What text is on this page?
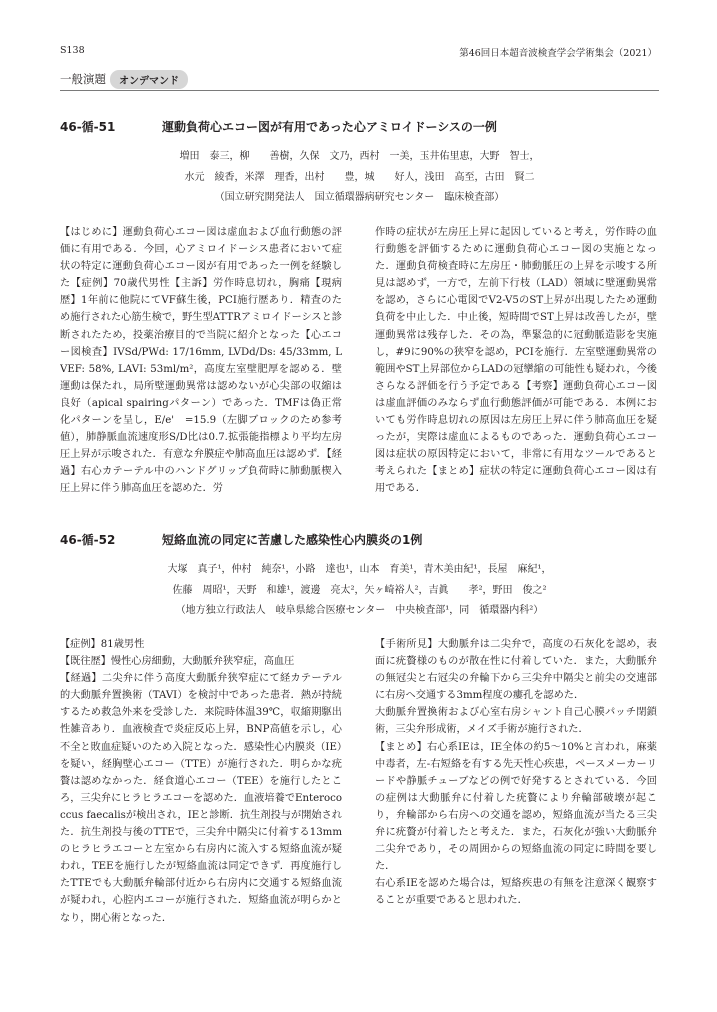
S138	第46回日本超音波検査学会学術集会（2021）
一般演題	オンデマンド
46-循-51	運動負荷心エコー図が有用であった心アミロイドーシスの一例
増田　泰三，柳　　善樹，久保　文乃，西村　一美，玉井佑里恵，大野　智士，
水元　綾香，米澤　理香，出村　　豊，城　　好人，浅田　高至，古田　賢二
（国立研究開発法人　国立循環器病研究センター　臨床検査部）

【はじめに】運動負荷心エコー図は虚血および血行動態の評価に有用である．今回，心アミロイドーシス患者において症状の特定に運動負荷心エコー図が有用であった一例を経験した【症例】70歳代男性【主訴】労作時息切れ，胸痛【現病歴】1年前に他院にてVF蘇生後，PCI施行歴あり．精査のため施行された心筋生検で，野生型ATTRアミロイドーシスと診断されたため，投薬治療目的で当院に紹介となった【心エコー図検査】IVSd/PWd: 17/16mm, LVDd/Ds: 45/33mm, LVEF: 58%, LAVI: 53ml/m²，高度左室壁肥厚を認める．壁運動は保たれ，局所壁運動異常は認めないが心尖部の収縮は良好（apical spairingパターン）であった．TMFは偽正常化パターンを呈し，E/e'　=15.9（左脚ブロックのため参考値），肺静脈血流速度形S/D比は0.7.拡張能指標より平均左房圧上昇が示唆された．有意な弁膜症や肺高血圧は認めず．【経過】右心カテーテル中のハンドグリップ負荷時に肺動脈楔入圧上昇に伴う肺高血圧を認めた．労

作時の症状が左房圧上昇に起因していると考え，労作時の血行動態を評価するために運動負荷心エコー図の実施となった．運動負荷検査時に左房圧・肺動脈圧の上昇を示唆する所見は認めず，一方で，左前下行枝（LAD）領域に壁運動異常を認め，さらに心電図でV2-V5のST上昇が出現したため運動負荷を中止した．中止後，短時間でST上昇は改善したが，壁運動異常は残存した．その為，準緊急的に冠動脈造影を実施し，#9に90%の狭窄を認め，PCIを施行．左室壁運動異常の範囲やST上昇部位からLADの冠攣縮の可能性も疑われ，今後さらなる評価を行う予定である【考察】運動負荷心エコー図は虚血評価のみならず血行動態評価が可能である．本例においても労作時息切れの原因は左房圧上昇に伴う肺高血圧を疑ったが，実際は虚血によるものであった．運動負荷心エコー図は症状の原因特定において，非常に有用なツールであると考えられた【まとめ】症状の特定に運動負荷心エコー図は有用である．

46-循-52	短絡血流の同定に苦慮した感染性心内膜炎の1例
大塚　真子¹，仲村　純奈¹，小路　達也¹，山本　育美¹，青木美由紀¹，長屋　麻紀¹，
佐藤　周昭¹，天野　和雄¹，渡邊　亮太²，矢ヶ崎裕人²，吉眞　　孝²，野田　俊之²
（地方独立行政法人　岐阜県総合医療センター　中央検査部¹，同　循環器内科²）

【症例】81歳男性

【既往歴】慢性心房細動，大動脈弁狭窄症，高血圧

【経過】二尖弁に伴う高度大動脈弁狭窄症にて経カテーテル的大動脈弁置換術（TAVI）を検討中であった患者．熱が持続するため救急外来を受診した．来院時体温39℃，収縮期駆出性雑音あり．血液検査で炎症反応上昇，BNP高値を示し，心不全と敗血症疑いのため入院となった．感染性心内膜炎（IE）を疑い，経胸壁心エコー（TTE）が施行された．明らかな疣贅は認めなかった．経食道心エコー（TEE）を施行したところ，三尖弁にヒラヒラエコーを認めた．血液培養でEnterococcus faecalisが検出され，IEと診断．抗生剤投与が開始された．抗生剤投与後のTTEで，三尖弁中隔尖に付着する13mmのヒラヒラエコーと左室から右房内に流入する短絡血流が疑われ，TEEを施行したが短絡血流は同定できず．再度施行したTTEでも大動脈弁輪部付近から右房内に交通する短絡血流が疑われ，心腔内エコーが施行された．短絡血流が明らかとなり，開心術となった．

【手術所見】大動脈弁は二尖弁で，高度の石灰化を認め，表面に疣贅様のものが散在性に付着していた．また，大動脈弁の無冠尖と右冠尖の弁輪下から三尖弁中隔尖と前尖の交連部に右房へ交通する3mm程度の瘻孔を認めた．

大動脈弁置換術および心室右房シャント自己心膜パッチ閉鎖術，三尖弁形成術，メイズ手術が施行された．

【まとめ】右心系IEは，IE全体の約5～10%と言われ，麻薬中毒者，左-右短絡を有する先天性心疾患，ペースメーカーリードや静脈チューブなどの例で好発するとされている．今回の症例は大動脈弁に付着した疣贅により弁輪部破壊が起こり，弁輪部から右房への交通を認め，短絡血流が当たる三尖弁に疣贅が付着したと考えた．また，石灰化が強い大動脈弁二尖弁であり，その周囲からの短絡血流の同定に時間を要した．

右心系IEを認めた場合は，短絡疾患の有無を注意深く観察することが重要であると思われた．
